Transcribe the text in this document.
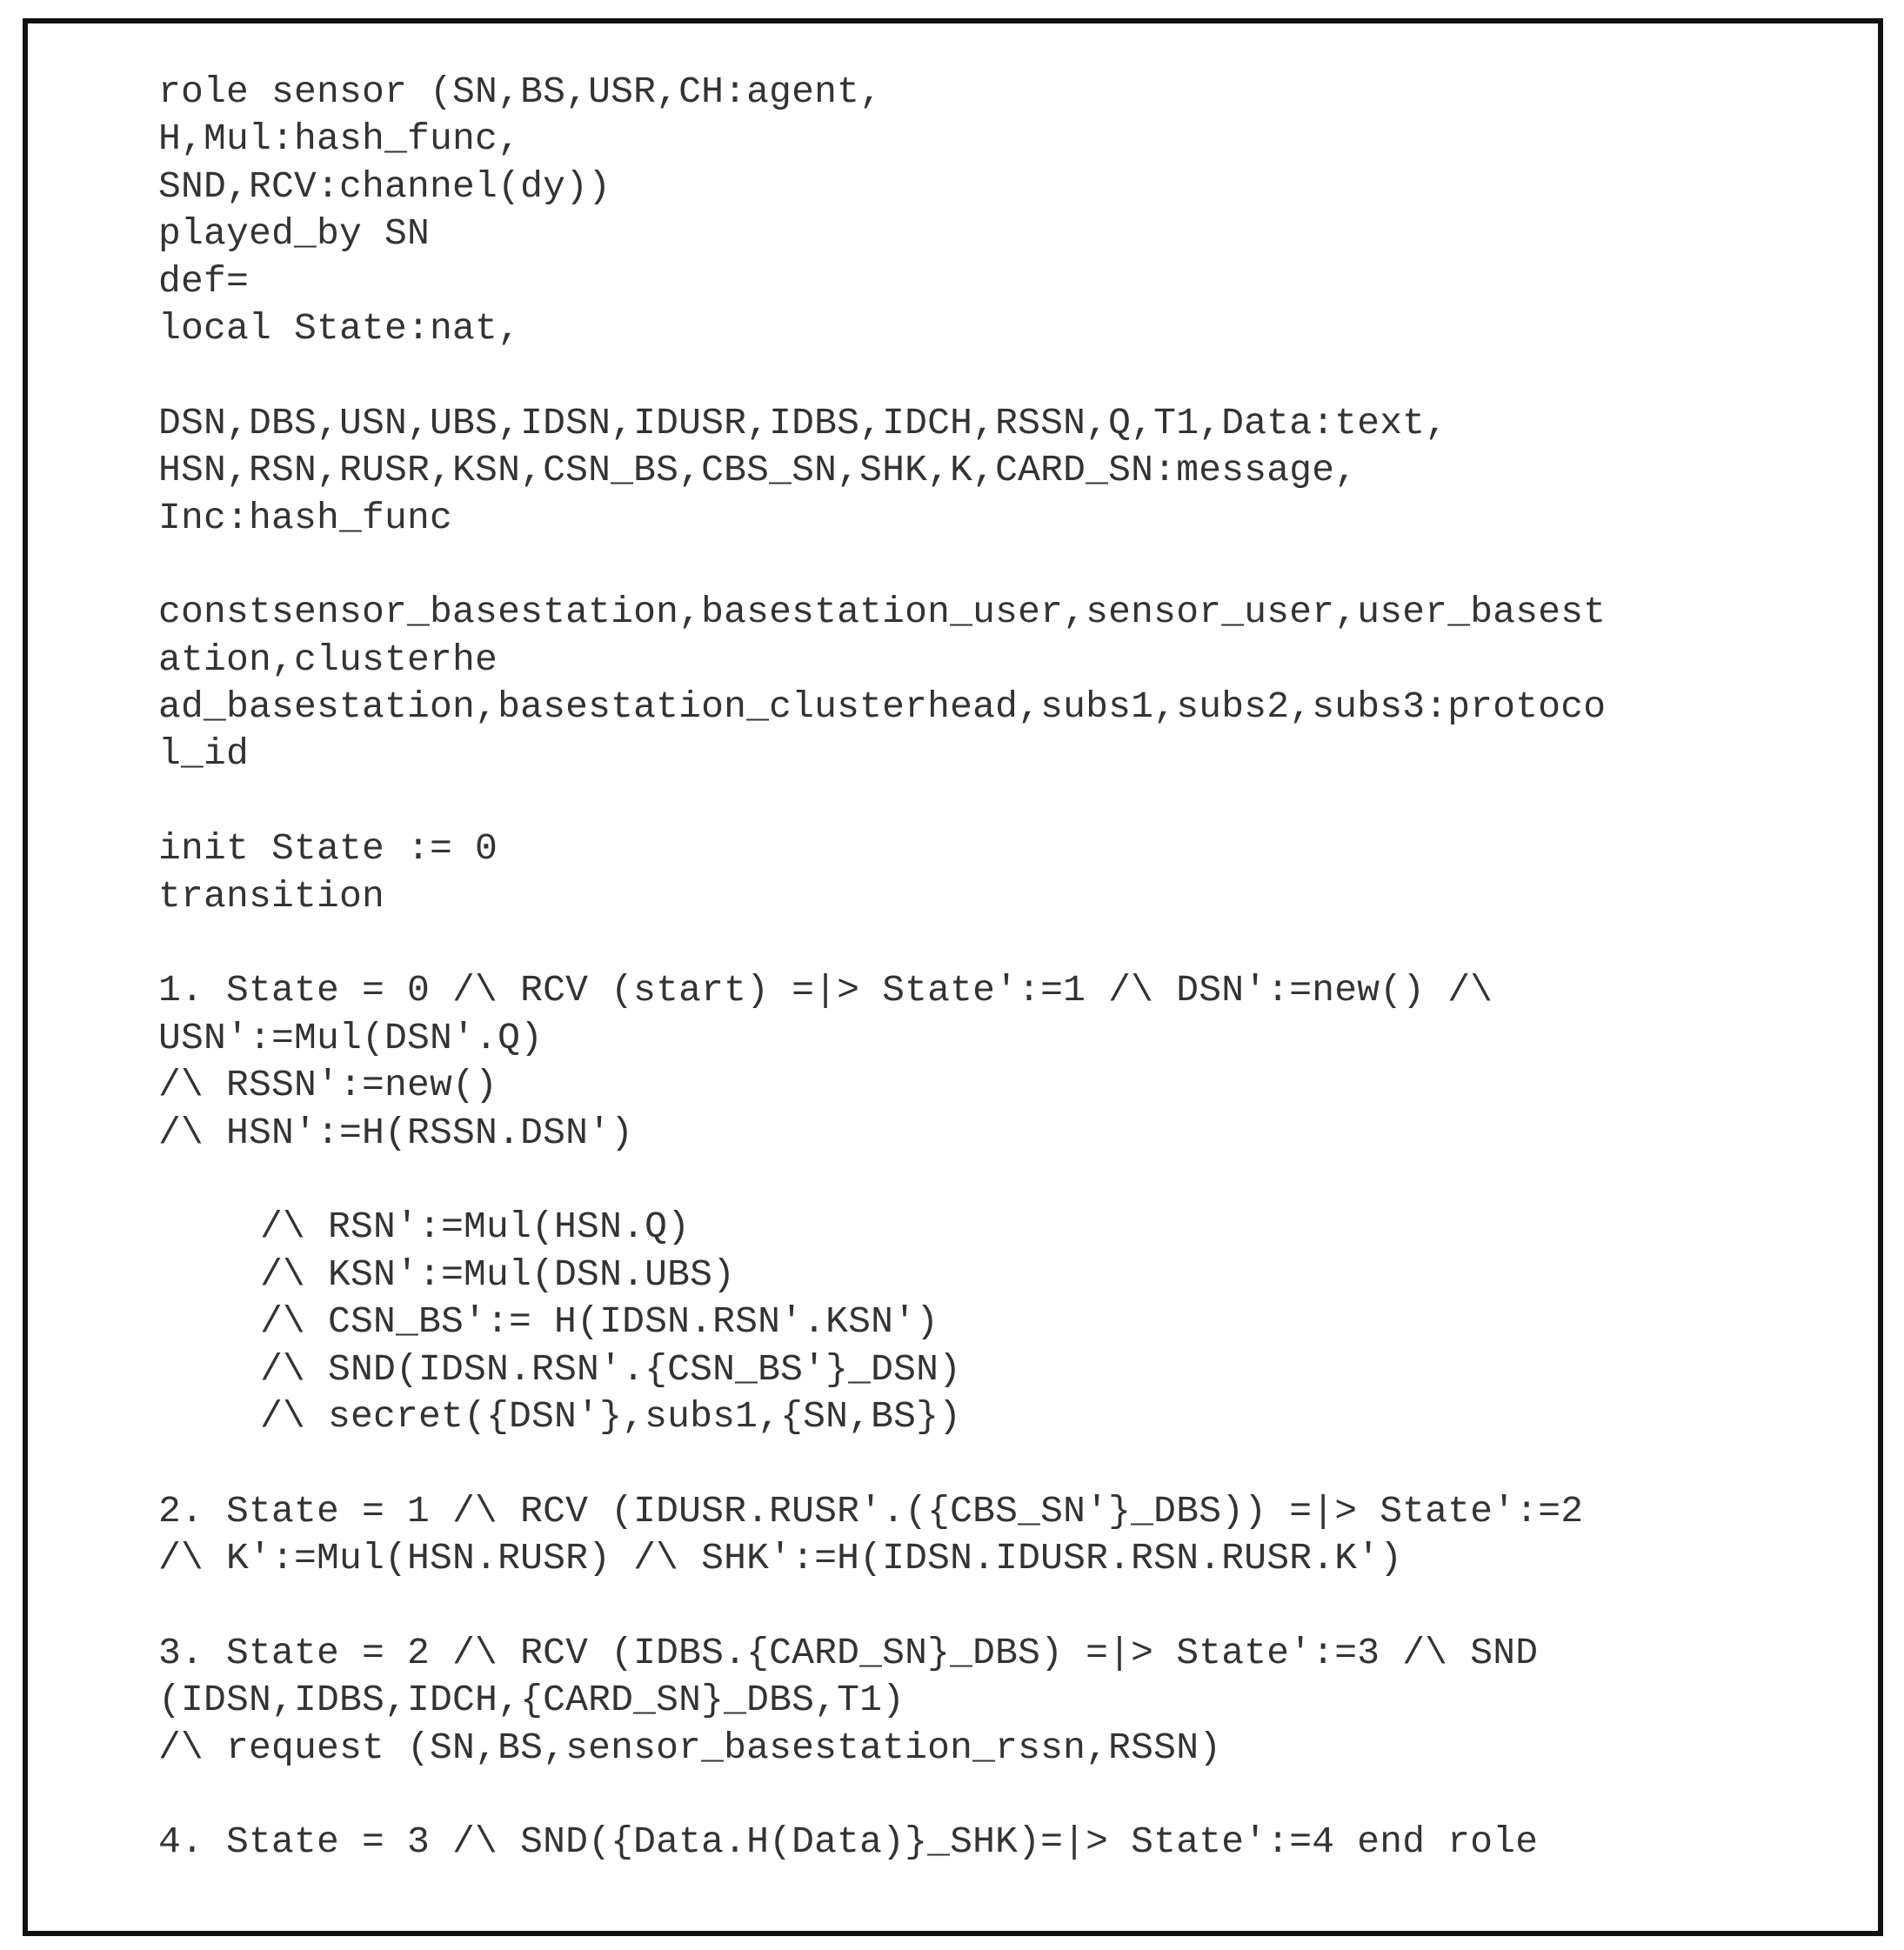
role sensor (SN,BS,USR,CH:agent,
H,Mul:hash_func,
SND,RCV:channel(dy))
played_by SN
def=
local State:nat,
DSN,DBS,USN,UBS,IDSN,IDUSR,IDBS,IDCH,RSSN,Q,T1,Data:text,
HSN,RSN,RUSR,KSN,CSN_BS,CBS_SN,SHK,K,CARD_SN:message,
Inc:hash_func
constsensor_basestation,basestation_user,sensor_user,user_basest
ation,clusterhe
ad_basestation,basestation_clusterhead,subs1,subs2,subs3:protoco
l_id
init State := 0
transition
1. State = 0 /\ RCV (start) =|> State':=1 /\ DSN':=new() /\
USN':=Mul(DSN'.Q)
/\ RSSN':=new()
/\ HSN':=H(RSSN.DSN')
/\ RSN':=Mul(HSN.Q)
/\ KSN':=Mul(DSN.UBS)
/\ CSN_BS':= H(IDSN.RSN'.KSN')
/\ SND(IDSN.RSN'.{CSN_BS'}_DSN)
/\ secret({DSN'},subs1,{SN,BS})
2. State = 1 /\ RCV (IDUSR.RUSR'.({CBS_SN'}_DBS)) =|> State':=2
/\ K':=Mul(HSN.RUSR) /\ SHK':=H(IDSN.IDUSR.RSN.RUSR.K')
3. State = 2 /\ RCV (IDBS.{CARD_SN}_DBS) =|> State':=3 /\ SND
(IDSN,IDBS,IDCH,{CARD_SN}_DBS,T1)
/\ request (SN,BS,sensor_basestation_rssn,RSSN)
4. State = 3 /\ SND({Data.H(Data)}_SHK)=|> State':=4 end role
